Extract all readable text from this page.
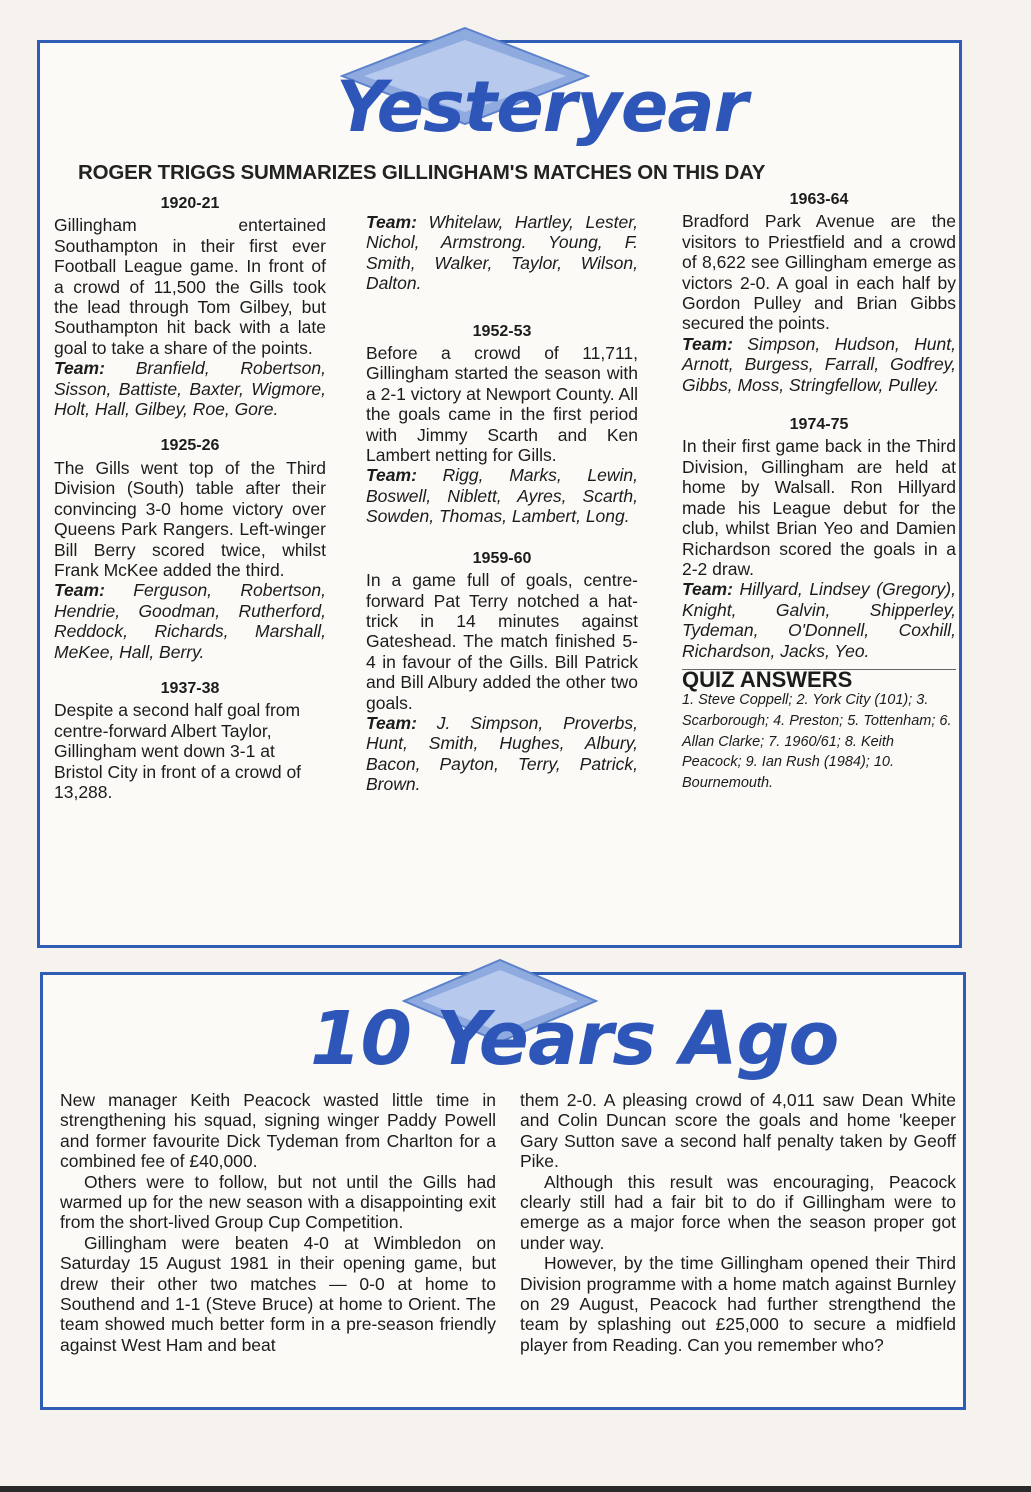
Yesteryear
ROGER TRIGGS SUMMARIZES GILLINGHAM'S MATCHES ON THIS DAY

1920-21

Gillingham entertained Southampton in their first ever Football League game. In front of a crowd of 11,500 the Gills took the lead through Tom Gilbey, but Southampton hit back with a late goal to take a share of the points.

Team: Branfield, Robertson, Sisson, Battiste, Baxter, Wigmore, Holt, Hall, Gilbey, Roe, Gore.

1925-26

The Gills went top of the Third Division (South) table after their convincing 3-0 home victory over Queens Park Rangers. Left-winger Bill Berry scored twice, whilst Frank McKee added the third.

Team: Ferguson, Robertson, Hendrie, Goodman, Rutherford, Reddock, Richards, Marshall, MeKee, Hall, Berry.

1937-38

Despite a second half goal from centre-forward Albert Taylor, Gillingham went down 3-1 at Bristol City in front of a crowd of 13,288.

Team: Whitelaw, Hartley, Lester, Nichol, Armstrong. Young, F. Smith, Walker, Taylor, Wilson, Dalton.

1952-53

Before a crowd of 11,711, Gillingham started the season with a 2-1 victory at Newport County. All the goals came in the first period with Jimmy Scarth and Ken Lambert netting for Gills.

Team: Rigg, Marks, Lewin, Boswell, Niblett, Ayres, Scarth, Sowden, Thomas, Lambert, Long.

1959-60

In a game full of goals, centre-forward Pat Terry notched a hat-trick in 14 minutes against Gateshead. The match finished 5-4 in favour of the Gills. Bill Patrick and Bill Albury added the other two goals.

Team: J. Simpson, Proverbs, Hunt, Smith, Hughes, Albury, Bacon, Payton, Terry, Patrick, Brown.

1963-64

Bradford Park Avenue are the visitors to Priestfield and a crowd of 8,622 see Gillingham emerge as victors 2-0. A goal in each half by Gordon Pulley and Brian Gibbs secured the points.

Team: Simpson, Hudson, Hunt, Arnott, Burgess, Farrall, Godfrey, Gibbs, Moss, Stringfellow, Pulley.

1974-75

In their first game back in the Third Division, Gillingham are held at home by Walsall. Ron Hillyard made his League debut for the club, whilst Brian Yeo and Damien Richardson scored the goals in a 2-2 draw.

Team: Hillyard, Lindsey (Gregory), Knight, Galvin, Shipperley, Tydeman, O'Donnell, Coxhill, Richardson, Jacks, Yeo.

QUIZ ANSWERS

1. Steve Coppell; 2. York City (101); 3. Scarborough; 4. Preston; 5. Tottenham; 6. Allan Clarke; 7. 1960/61; 8. Keith Peacock; 9. Ian Rush (1984); 10. Bournemouth.

10 Years Ago

New manager Keith Peacock wasted little time in strengthening his squad, signing winger Paddy Powell and former favourite Dick Tydeman from Charlton for a combined fee of £40,000.

Others were to follow, but not until the Gills had warmed up for the new season with a disappointing exit from the short-lived Group Cup Competition.

Gillingham were beaten 4-0 at Wimbledon on Saturday 15 August 1981 in their opening game, but drew their other two matches — 0-0 at home to Southend and 1-1 (Steve Bruce) at home to Orient. The team showed much better form in a pre-season friendly against West Ham and beat

them 2-0. A pleasing crowd of 4,011 saw Dean White and Colin Duncan score the goals and home 'keeper Gary Sutton save a second half penalty taken by Geoff Pike.

Although this result was encouraging, Peacock clearly still had a fair bit to do if Gillingham were to emerge as a major force when the season proper got under way.

However, by the time Gillingham opened their Third Division programme with a home match against Burnley on 29 August, Peacock had further strengthend the team by splashing out £25,000 to secure a midfield player from Reading. Can you remember who?
